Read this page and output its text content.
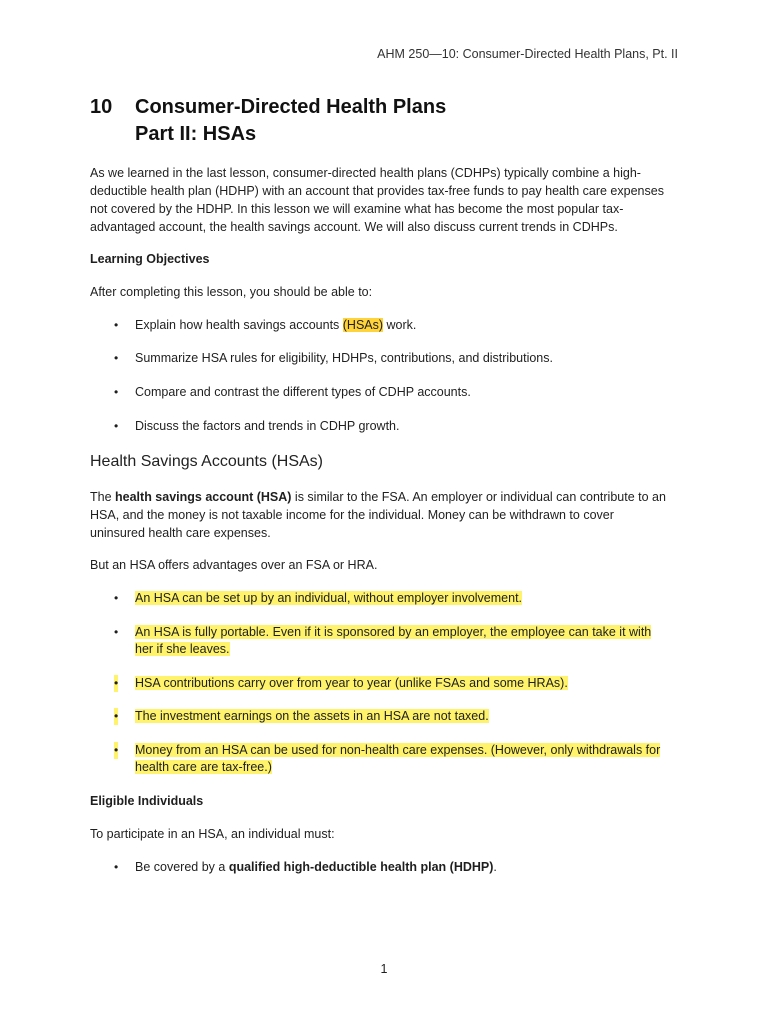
AHM 250—10: Consumer-Directed Health Plans, Pt. II
10 Consumer-Directed Health Plans
Part II: HSAs
As we learned in the last lesson, consumer-directed health plans (CDHPs) typically combine a high-
deductible health plan (HDHP) with an account that provides tax-free funds to pay health care expenses
not covered by the HDHP. In this lesson we will examine what has become the most popular tax-
advantaged account, the health savings account. We will also discuss current trends in CDHPs.
Learning Objectives
After completing this lesson, you should be able to:
• Explain how health savings accounts (HSAs) work.
• Summarize HSA rules for eligibility, HDHPs, contributions, and distributions.
• Compare and contrast the different types of CDHP accounts.
• Discuss the factors and trends in CDHP growth.
Health Savings Accounts (HSAs)
The health savings account (HSA) is similar to the FSA. An employer or individual can contribute to an
HSA, and the money is not taxable income for the individual. Money can be withdrawn to cover
uninsured health care expenses.
But an HSA offers advantages over an FSA or HRA.
• An HSA can be set up by an individual, without employer involvement.
• An HSA is fully portable. Even if it is sponsored by an employer, the employee can take it with
her if she leaves.
• HSA contributions carry over from year to year (unlike FSAs and some HRAs).
• The investment earnings on the assets in an HSA are not taxed.
• Money from an HSA can be used for non-health care expenses. (However, only withdrawals for
health care are tax-free.)
Eligible Individuals
To participate in an HSA, an individual must:
• Be covered by a qualified high-deductible health plan (HDHP).
1
